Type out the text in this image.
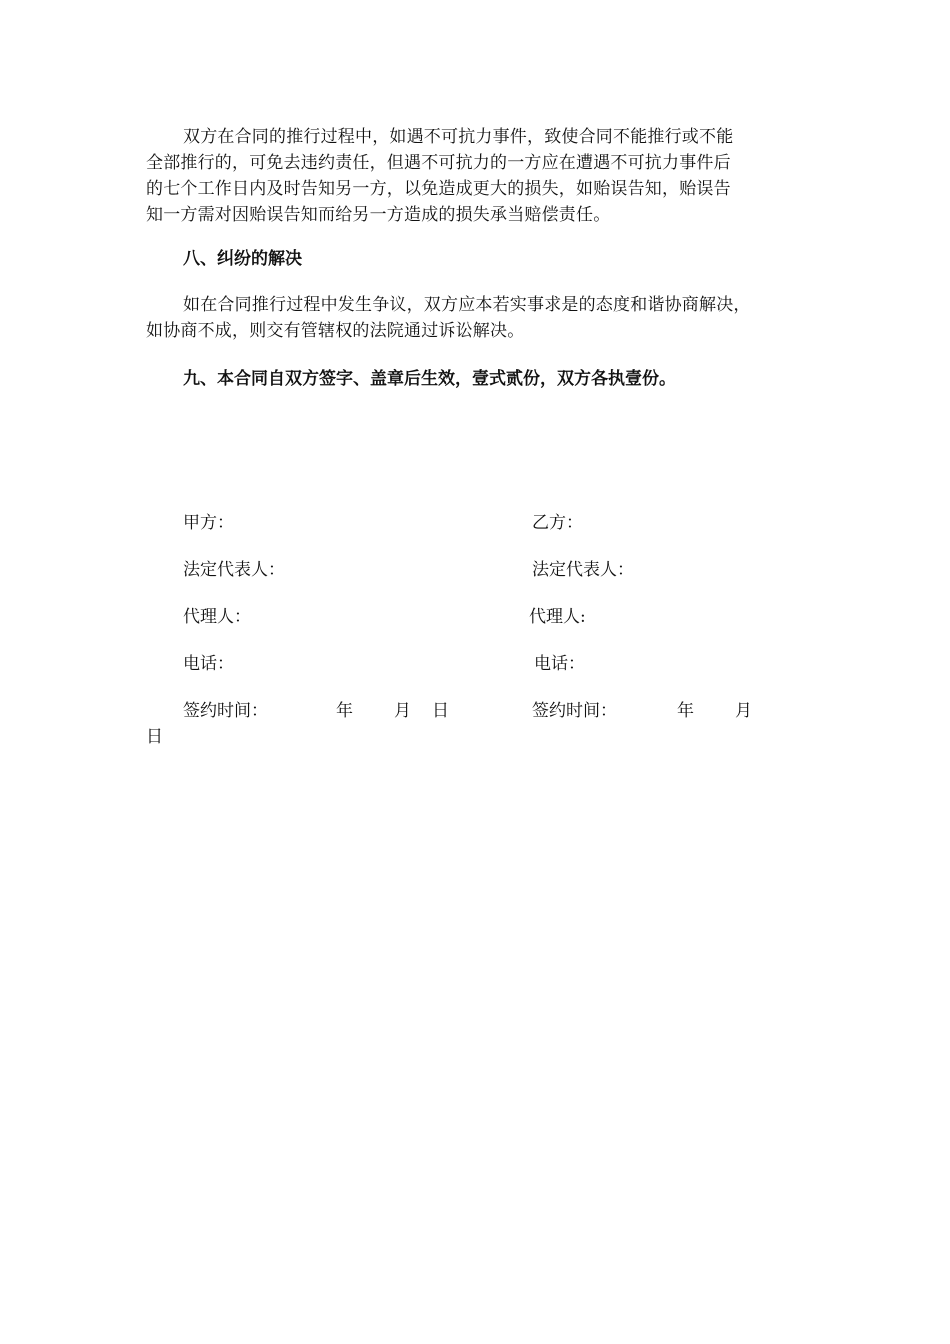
双方在合同的推行过程中，如遇不可抗力事件，致使合同不能推行或不能
全部推行的，可免去违约责任，但遇不可抗力的一方应在遭遇不可抗力事件后
的七个工作日内及时告知另一方，以免造成更大的损失，如贻误告知，贻误告
知一方需对因贻误告知而给另一方造成的损失承当赔偿责任。
八、纠纷的解决
如在合同推行过程中发生争议，双方应本若实事求是的态度和谐协商解决，
如协商不成，则交有管辖权的法院通过诉讼解决。
九、本合同自双方签字、盖章后生效，壹式贰份，双方各执壹份。
甲方：
法定代表人：
代理人：
电话：
签约时间：	年 月 日
乙方：
法定代表人：
代理人:
电话：
签约时间：	年 月
日
